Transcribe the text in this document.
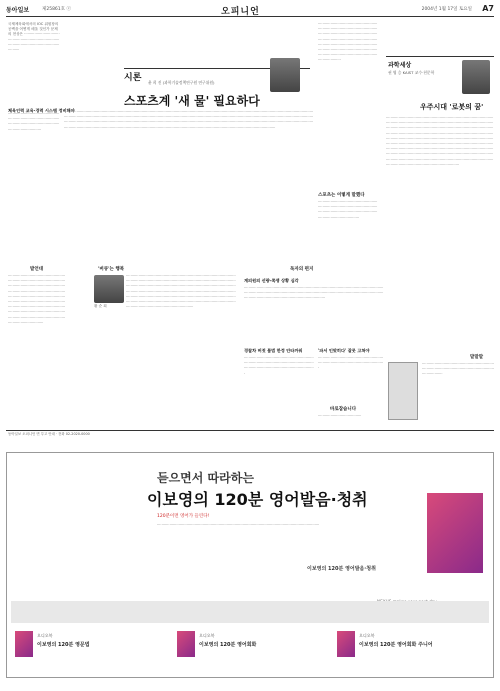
동아일보	제25861호 ⓒ	오피니언	2004년 1월 17일 토요일 A7
국제체육회에서의 IOC 위원장의 공백을 어떻게 메울 것인가 문제의 현상은 ···································································································································
····································································································································································
체육인력 교육·경력 시스템 정비해야
시론 윤 희 진 (과학기술정책연구원 연구위원)
스포츠계 '새 물' 필요하다
·······································································································································································································································································································································································································································································································································································································································································································································································································································································
································································································································································································································································································································································································
스포츠는 이렇게 말했다
································································································································································································
과학세상
권 영 승 KAIST 교수·천문학
우주시대 '로봇의 꿈'
··············································································································································································································································································································································································································································································································································································································································································································································································································································································································································
발언대
·································································································································································································································································································································································································································································································
'버큐'는 행복
황 순 희
···························································································································································································································································································································································································································································································································································································································································
독자의 편지
계의원의 선량-쪽쟁 상황 심각
···························································································································································································································································································································
경찰차 버젓 불법 한정 안타까워
························································································································································································
'파서 인맞히다' 잘못 고쳐야
···················································································································
바로잡습니다
······································
말말말
················································································································································
동아일보 오피니언 면 투고 안내 · 전화 02-2020-0000
듣으면서 따라하는
이보영의 120분 영어발음·청취
120분이면 영어가 들린다!
··············································································································································
이보영의 120분 영어발음·청취
오디오북
이보영의 120분 영문법
오디오북
이보영의 120분 영어회화
오디오북
이보영의 120분 영어회화 주니어
